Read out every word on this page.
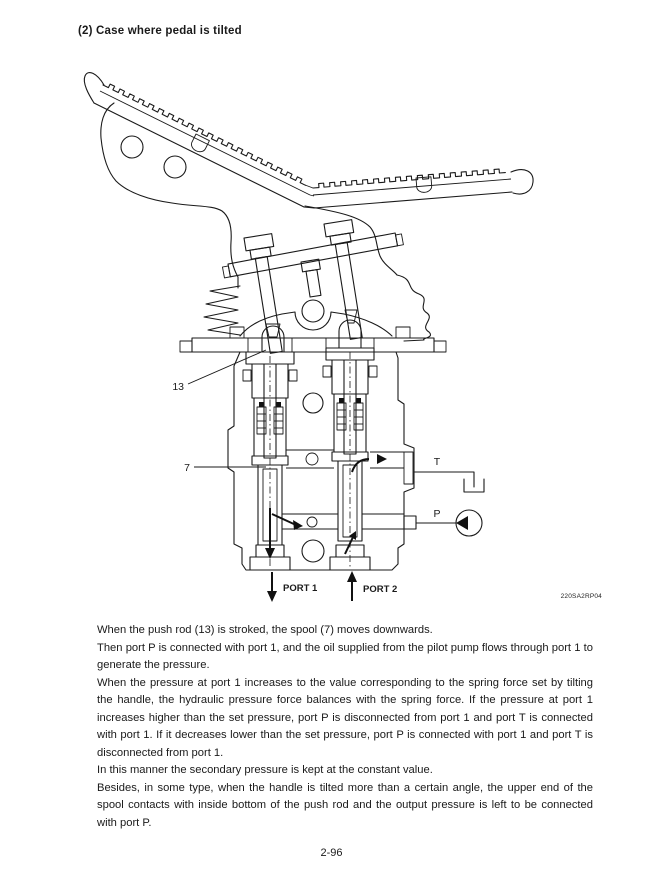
(2) Case where pedal is tilted
T
P
PORT 1	PORT 2
13
7
220SA2RP04

When the push rod (13) is stroked, the spool (7) moves downwards.

Then port P is connected with port 1, and the oil supplied from the pilot pump flows through port 1 to generate the pressure.

When the pressure at port 1 increases to the value corresponding to the spring force set by tilting the handle, the hydraulic pressure force balances with the spring force. If the pressure at port 1 increases higher than the set pressure, port P is disconnected from port 1 and port T is connected with port 1. If it decreases lower than the set pressure, port P is connected with port 1 and port T is disconnected from port 1.

In this manner the secondary pressure is kept at the constant value.

Besides, in some type, when the handle is tilted more than a certain angle, the upper end of the spool contacts with inside bottom of the push rod and the output pressure is left to be connected with port P.

2-96
